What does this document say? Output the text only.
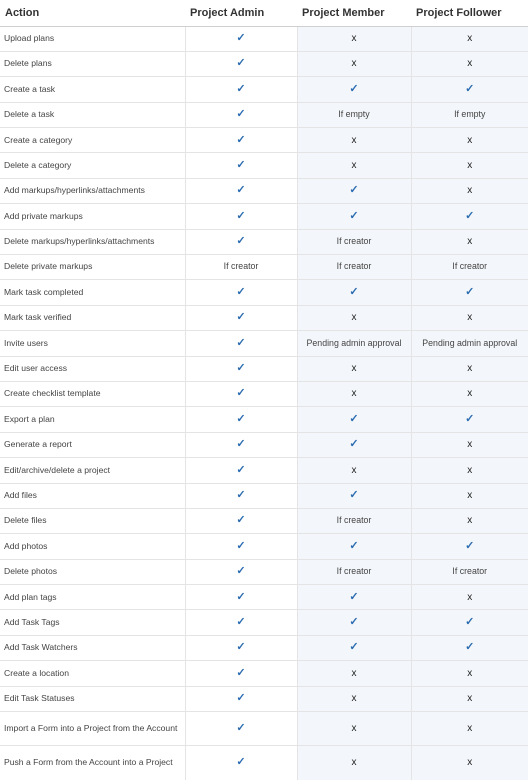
Action	Project Admin	Project Member	Project Follower
Upload plans	✓	x	x
Delete plans	✓	x	x
Create a task	✓	✓	✓
Delete a task	✓	If empty	If empty
Create a category	✓	x	x
Delete a category	✓	x	x
Add markups/hyperlinks/attachments	✓	✓	x
Add private markups	✓	✓	✓
Delete markups/hyperlinks/attachments	✓	If creator	x
Delete private markups	If creator	If creator	If creator
Mark task completed	✓	✓	✓
Mark task verified	✓	x	x
Invite users	✓	Pending admin approval	Pending admin approval
Edit user access	✓	x	x
Create checklist template	✓	x	x
Export a plan	✓	✓	✓
Generate a report	✓	✓	x
Edit/archive/delete a project	✓	x	x
Add files	✓	✓	x
Delete files	✓	If creator	x
Add photos	✓	✓	✓
Delete photos	✓	If creator	If creator
Add plan tags	✓	✓	x
Add Task Tags	✓	✓	✓
Add Task Watchers	✓	✓	✓
Create a location	✓	x	x
Edit Task Statuses	✓	x	x
Import a Form into a Project from the Account	✓	x	x
Push a Form from the Account into a Project	✓	x	x
